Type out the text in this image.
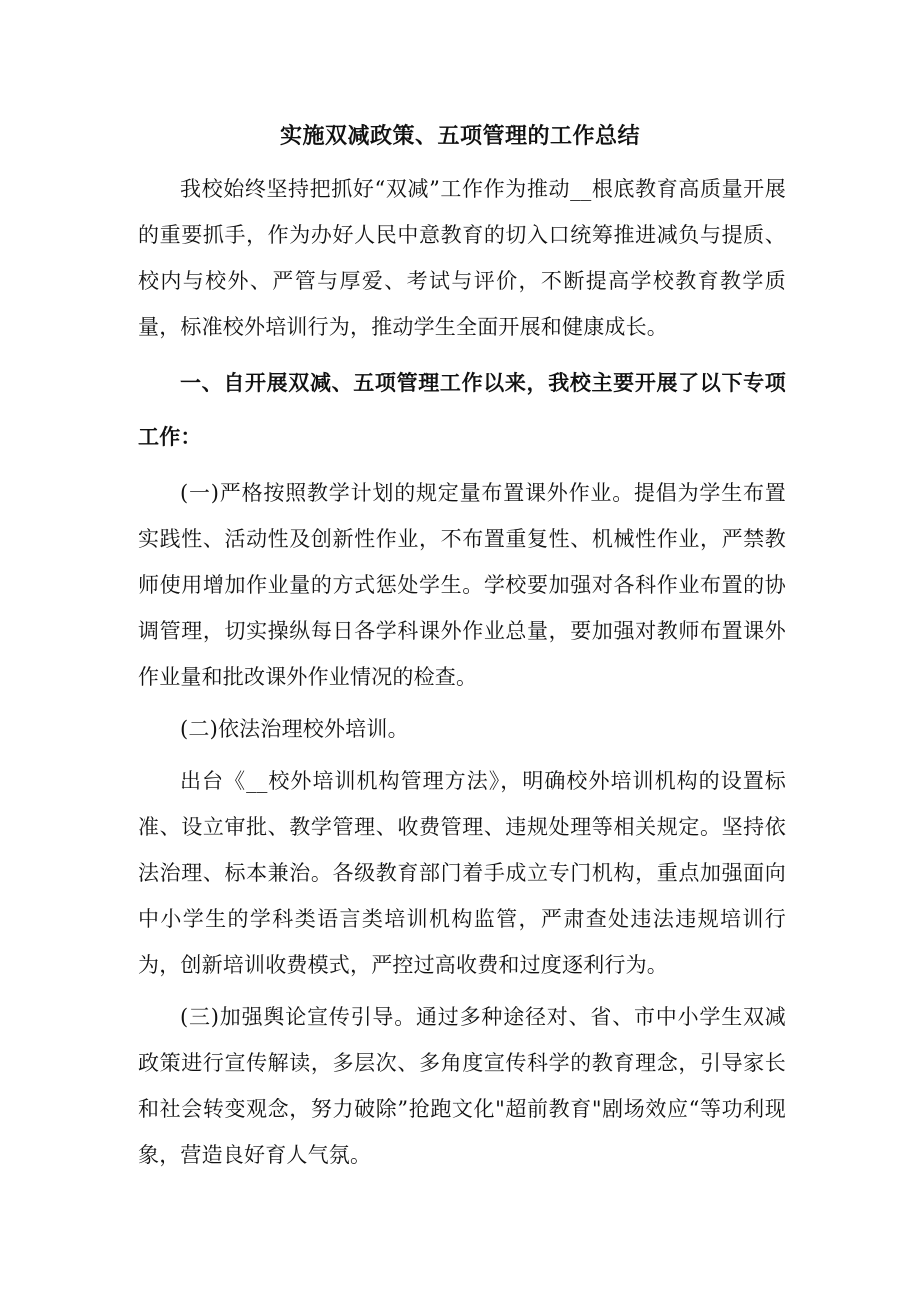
实施双减政策、五项管理的工作总结

我校始终坚持把抓好“双减”工作作为推动__根底教育高质量开展的重要抓手，作为办好人民中意教育的切入口统筹推进减负与提质、校内与校外、严管与厚爱、考试与评价，不断提高学校教育教学质量，标准校外培训行为，推动学生全面开展和健康成长。

一、自开展双减、五项管理工作以来，我校主要开展了以下专项工作：

(一)严格按照教学计划的规定量布置课外作业。提倡为学生布置实践性、活动性及创新性作业，不布置重复性、机械性作业，严禁教师使用增加作业量的方式惩处学生。学校要加强对各科作业布置的协调管理，切实操纵每日各学科课外作业总量，要加强对教师布置课外作业量和批改课外作业情况的检查。

(二)依法治理校外培训。

出台《__校外培训机构管理方法》，明确校外培训机构的设置标准、设立审批、教学管理、收费管理、违规处理等相关规定。坚持依法治理、标本兼治。各级教育部门着手成立专门机构，重点加强面向中小学生的学科类语言类培训机构监管，严肃查处违法违规培训行为，创新培训收费模式，严控过高收费和过度逐利行为。

(三)加强舆论宣传引导。通过多种途径对、省、市中小学生双减政策进行宣传解读，多层次、多角度宣传科学的教育理念，引导家长和社会转变观念，努力破除”抢跑文化"超前教育"剧场效应“等功利现象，营造良好育人气氛。
